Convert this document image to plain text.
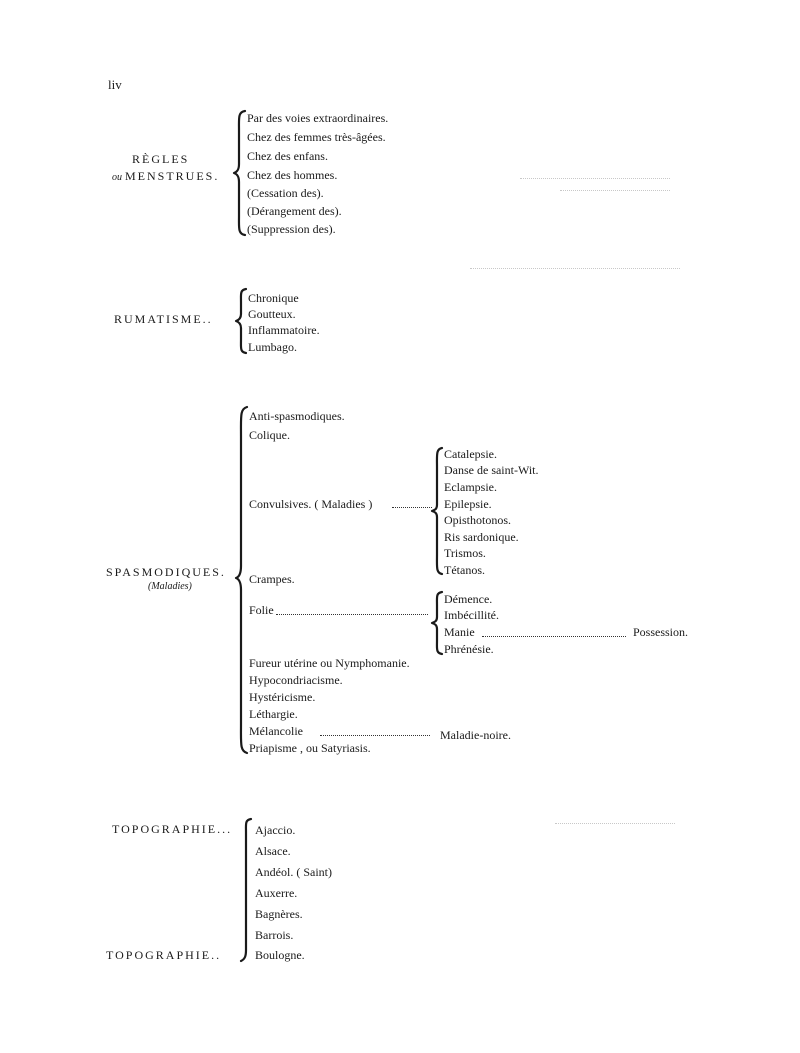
liv
RÈGLES
ou MENSTRUES.
Par des voies extraordinaires.
Chez des femmes très-âgées.
Chez des enfans.
Chez des hommes.
(Cessation des).
(Dérangement des).
(Suppression des).
RUMATISME..
Chronique
Goutteux.
Inflammatoire.
Lumbago.
SPASMODIQUES.
(Maladies)
Anti-spasmodiques.
Colique.
Convulsives. ( Maladies )
Catalepsie.
Danse de saint-Wit.
Eclampsie.
Epilepsie.
Opisthotonos.
Ris sardonique.
Trismos.
Tétanos.
Crampes.
Folie
Démence.
Imbécillité.
Manie
Phrénésie.
Possession.
Fureur utérine ou Nymphomanie.
Hypocondriacisme.
Hystéricisme.
Léthargie.
Mélancolie	Maladie-noire.
Priapisme , ou Satyriasis.
TOPOGRAPHIE... Ajaccio.
Alsace.
Andéol. ( Saint)
Auxerre.
Bagnères.
Barrois.
Boulogne.
TOPOGRAPHIE..
